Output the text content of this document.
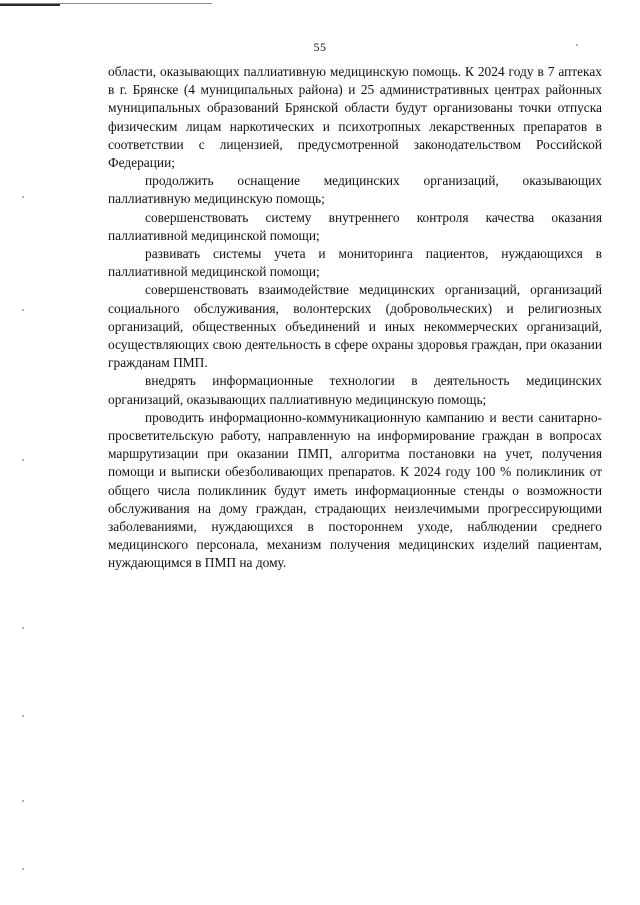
55

области, оказывающих паллиативную медицинскую помощь. К 2024 году в 7 аптеках в г. Брянске (4 муниципальных района) и 25 административных центрах районных муниципальных образований Брянской области будут организованы точки отпуска физическим лицам наркотических и психотропных лекарственных препаратов в соответствии с лицензией, предусмотренной законодательством Российской Федерации;

продолжить оснащение медицинских организаций, оказывающих паллиативную медицинскую помощь;

совершенствовать систему внутреннего контроля качества оказания паллиативной медицинской помощи;

развивать системы учета и мониторинга пациентов, нуждающихся в паллиативной медицинской помощи;

совершенствовать взаимодействие медицинских организаций, организаций социального обслуживания, волонтерских (добровольческих) и религиозных организаций, общественных объединений и иных некоммерческих организаций, осуществляющих свою деятельность в сфере охраны здоровья граждан, при оказании гражданам ПМП.

внедрять информационные технологии в деятельность медицинских организаций, оказывающих паллиативную медицинскую помощь;

проводить информационно-коммуникационную кампанию и вести санитарно-просветительскую работу, направленную на информирование граждан в вопросах маршрутизации при оказании ПМП, алгоритма постановки на учет, получения помощи и выписки обезболивающих препаратов. К 2024 году 100 % поликлиник от общего числа поликлиник будут иметь информационные стенды о возможности обслуживания на дому граждан, страдающих неизлечимыми прогрессирующими заболеваниями, нуждающихся в постороннем уходе, наблюдении среднего медицинского персонала, механизм получения медицинских изделий пациентам, нуждающимся в ПМП на дому.
